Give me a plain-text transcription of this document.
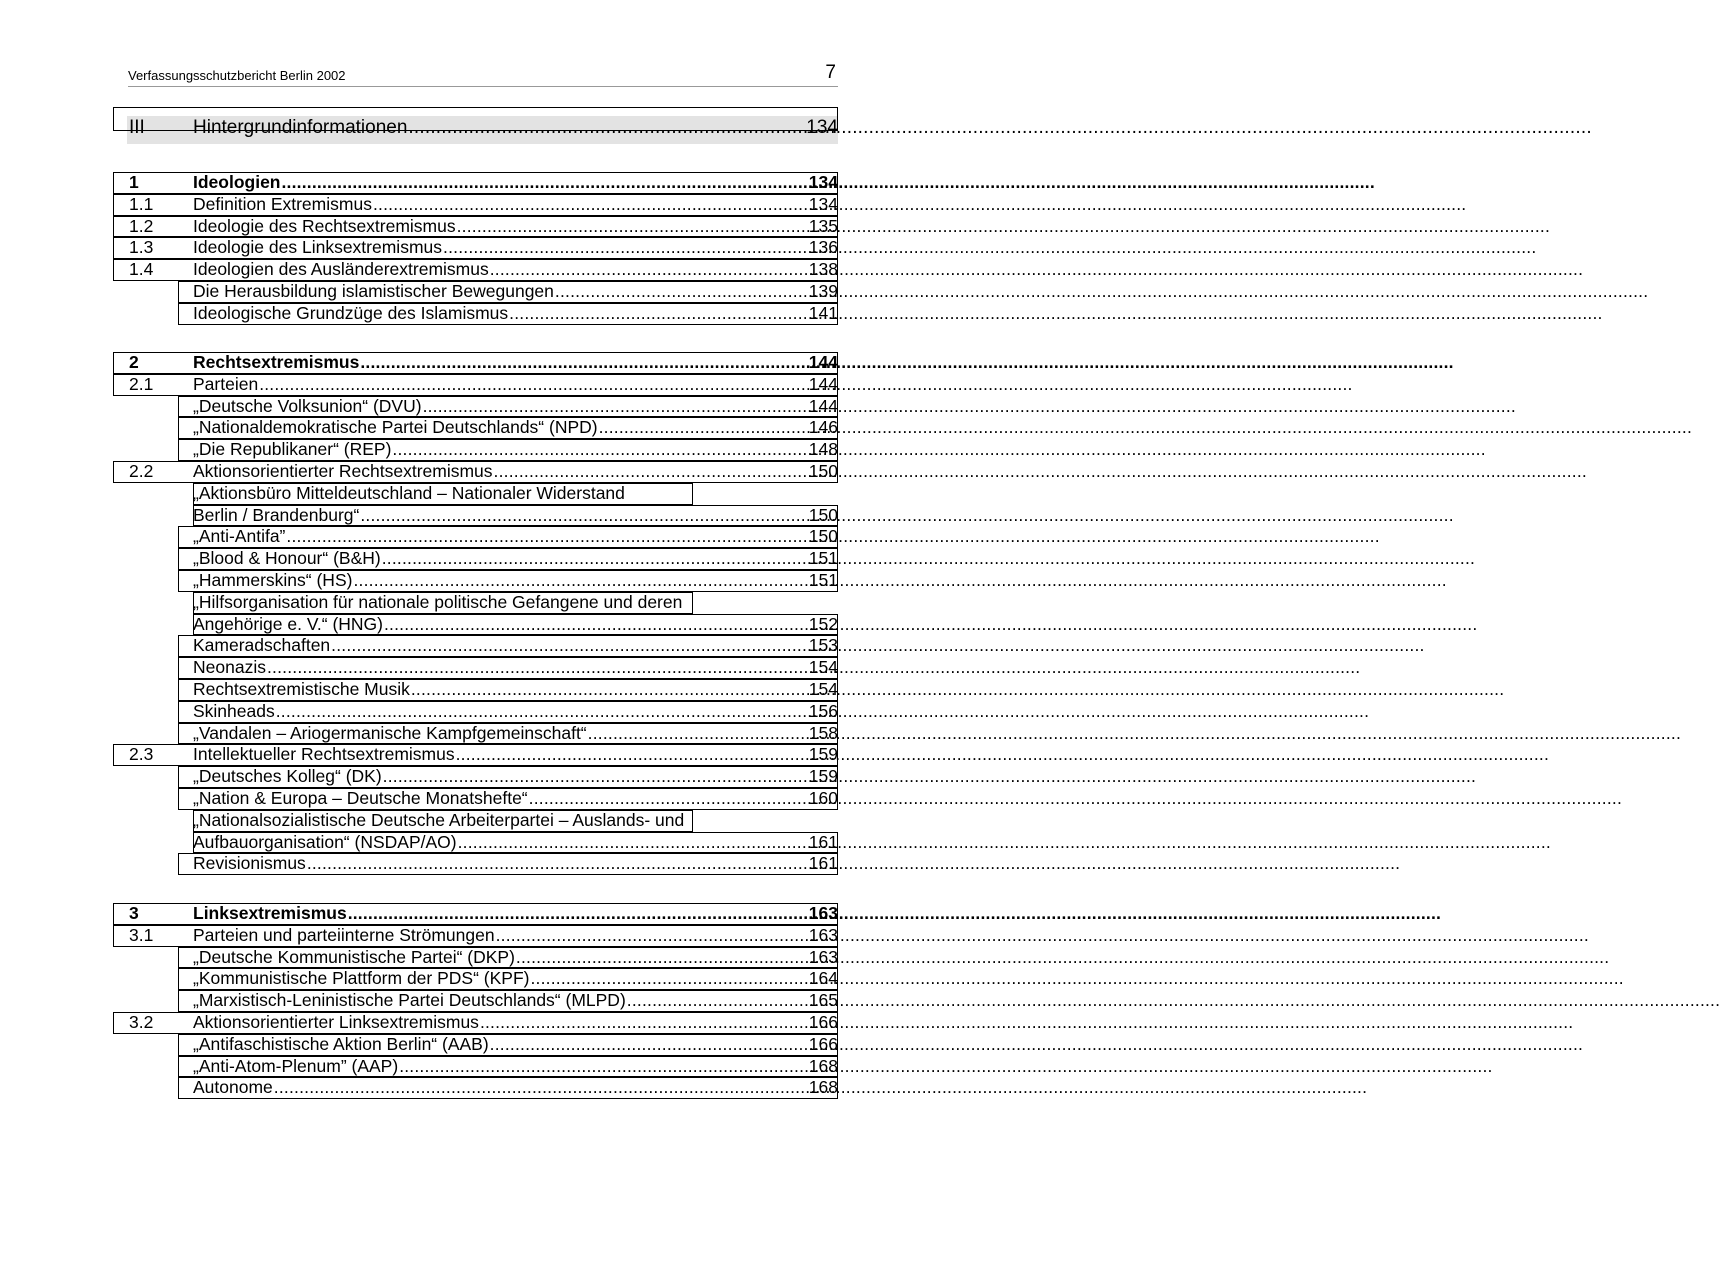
Verfassungsschutzbericht Berlin 2002	7
III	Hintergrundinformationen .....	134
1	Ideologien .....	134
1.1 Definition Extremismus .....	134
1.2 Ideologie des Rechtsextremismus .....	135
1.3 Ideologie des Linksextremismus .....	136
1.4 Ideologien des Ausländerextremismus .....	138
Die Herausbildung islamistischer Bewegungen .....	139
Ideologische Grundzüge des Islamismus .....	141
2	Rechtsextremismus .....	144
2.1 Parteien .....	144
„Deutsche Volksunion“ (DVU) .....	144
„Nationaldemokratische Partei Deutschlands“ (NPD) .....	146
„Die Republikaner“ (REP) .....	148
2.2 Aktionsorientierter Rechtsextremismus .....	150
„Aktionsbüro Mitteldeutschland – Nationaler Widerstand
Berlin / Brandenburg“ .....	150
„Anti-Antifa” .....	150
„Blood & Honour“ (B&H) .....	151
„Hammerskins“ (HS) .....	151
„Hilfsorganisation für nationale politische Gefangene und deren
Angehörige e. V.“ (HNG) .....	152
Kameradschaften .....	153
Neonazis .....	154
Rechtsextremistische Musik .....	154
Skinheads .....	156
„Vandalen – Ariogermanische Kampfgemeinschaft“ .....	158
2.3 Intellektueller Rechtsextremismus .....	159
„Deutsches Kolleg“ (DK) .....	159
„Nation & Europa – Deutsche Monatshefte“ .....	160
„Nationalsozialistische Deutsche Arbeiterpartei – Auslands- und
Aufbauorganisation“ (NSDAP/AO) .....	161
Revisionismus .....	161
3	Linksextremismus .....	163
3.1 Parteien und parteiinterne Strömungen .....	163
„Deutsche Kommunistische Partei“ (DKP) .....	163
„Kommunistische Plattform der PDS“ (KPF) .....	164
„Marxistisch-Leninistische Partei Deutschlands“ (MLPD) .....	165
3.2 Aktionsorientierter Linksextremismus .....	166
„Antifaschistische Aktion Berlin“ (AAB) .....	166
„Anti-Atom-Plenum” (AAP) .....	168
Autonome .....	168
